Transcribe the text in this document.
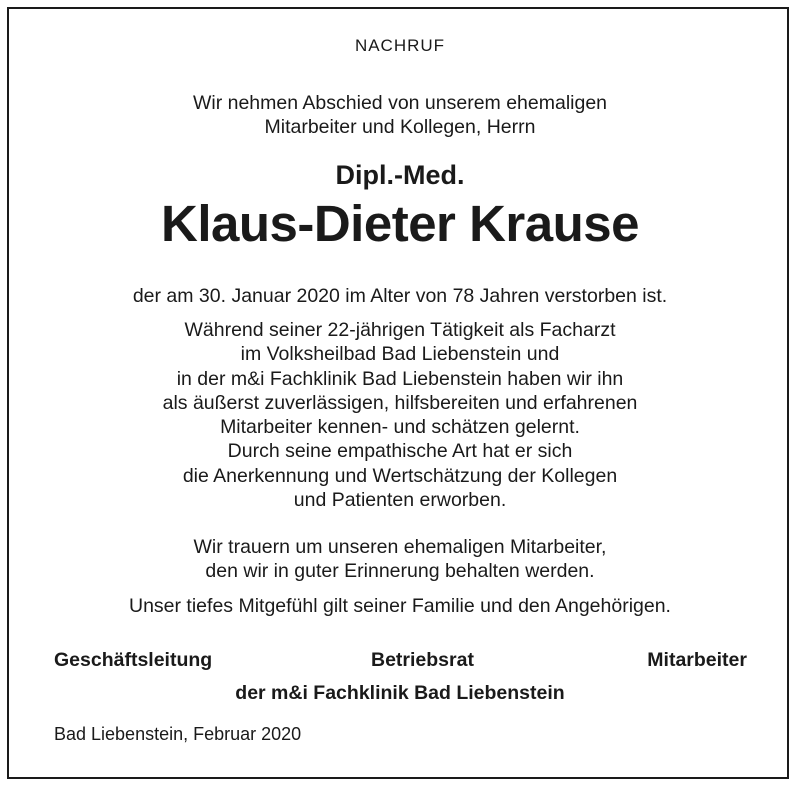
NACHRUF
Wir nehmen Abschied von unserem ehemaligen
Mitarbeiter und Kollegen, Herrn
Dipl.-Med.
Klaus-Dieter Krause
der am 30. Januar 2020 im Alter von 78 Jahren verstorben ist.
Während seiner 22-jährigen Tätigkeit als Facharzt
im Volksheilbad Bad Liebenstein und
in der m&i Fachklinik Bad Liebenstein haben wir ihn
als äußerst zuverlässigen, hilfsbereiten und erfahrenen
Mitarbeiter kennen- und schätzen gelernt.
Durch seine empathische Art hat er sich
die Anerkennung und Wertschätzung der Kollegen
und Patienten erworben.
Wir trauern um unseren ehemaligen Mitarbeiter,
den wir in guter Erinnerung behalten werden.
Unser tiefes Mitgefühl gilt seiner Familie und den Angehörigen.
Geschäftsleitung	Betriebsrat	Mitarbeiter
der m&i Fachklinik Bad Liebenstein
Bad Liebenstein, Februar 2020
